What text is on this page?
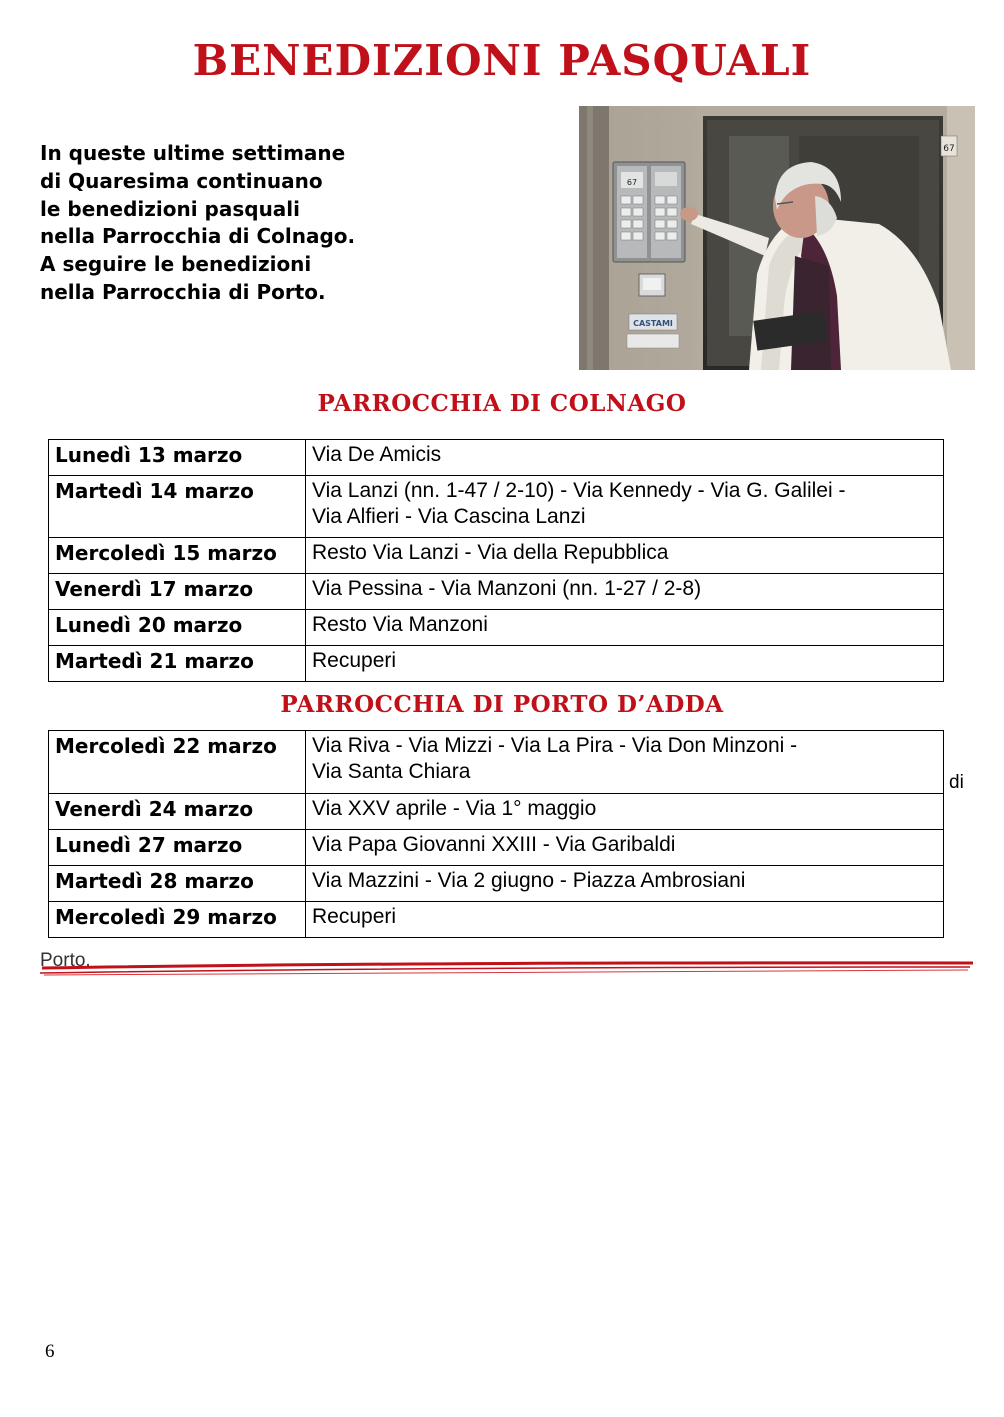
BENEDIZIONI PASQUALI
In queste ultime settimane
di Quaresima continuano
le benedizioni pasquali
nella Parrocchia di Colnago.
A seguire le benedizioni
nella Parrocchia di Porto.
67
67
CASTAMI
PARROCCHIA DI COLNAGO
Lunedì 13 marzo	Via De Amicis

Martedì 14 marzo	Via Lanzi (nn. 1-47 / 2-10) - Via Kennedy - Via G. Galilei -
Via Alfieri - Via Cascina Lanzi

Mercoledì 15 marzo	Resto Via Lanzi - Via della Repubblica

Venerdì 17 marzo	Via Pessina - Via Manzoni (nn. 1-27 / 2-8)

Lunedì 20 marzo	Resto Via Manzoni

Martedì 21 marzo	Recuperi
PARROCCHIA DI PORTO D’ADDA
Mercoledì 22 marzo	Via Riva - Via Mizzi - Via La Pira - Via Don Minzoni -
Via Santa Chiara

Venerdì 24 marzo	Via XXV aprile - Via 1° maggio

Lunedì 27 marzo	Via Papa Giovanni XXIII - Via Garibaldi

Martedì 28 marzo	Via Mazzini - Via 2 giugno - Piazza Ambrosiani

Mercoledì 29 marzo	Recuperi
di
Porto.
6
